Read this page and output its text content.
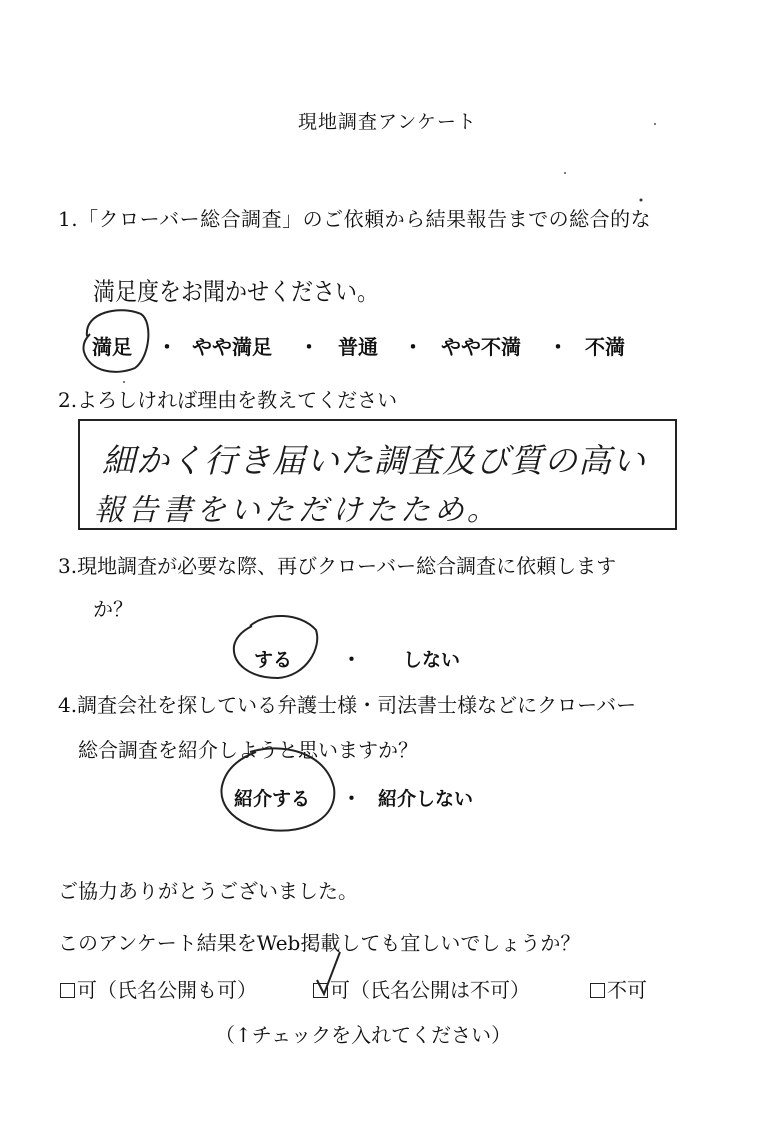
現地調査アンケート
1.「クローバー総合調査」のご依頼から結果報告までの総合的な
満足度をお聞かせください。
満足 ・ やや満足 ・ 普通 ・ やや不満 ・ 不満
2.よろしければ理由を教えてください
細かく行き届いた調査及び質の高い
報告書をいただけたため。
3.現地調査が必要な際、再びクローバー総合調査に依頼します
か？
する	・ しない
4.調査会社を探している弁護士様・司法書士様などにクローバー
総合調査を紹介しようと思いますか？
紹介する ・ 紹介しない
ご協力ありがとうございました。
このアンケート結果をWeb掲載しても宜しいでしょうか？
可（氏名公開も可）	可（氏名公開は不可）	不可
（↑チェックを入れてください）
